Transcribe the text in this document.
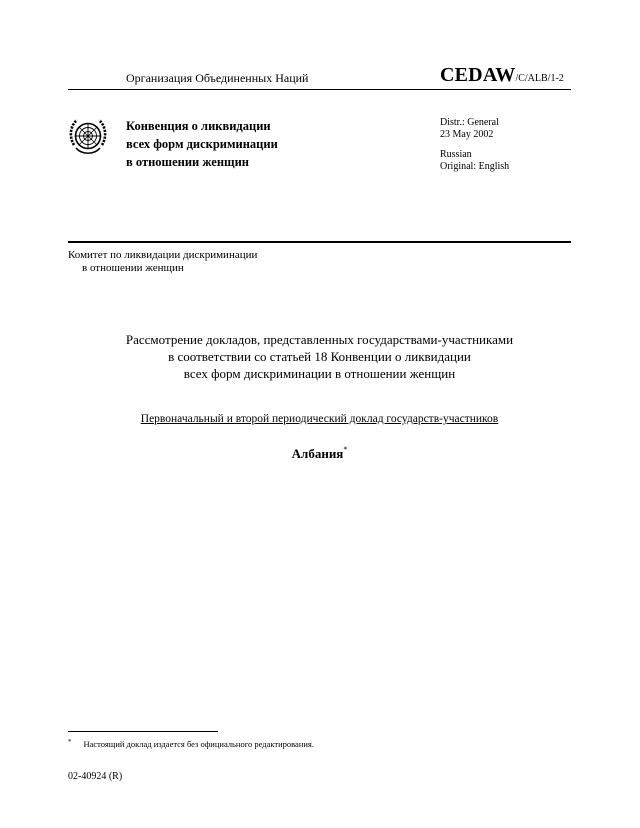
Организация Объединенных Наций	CEDAW/C/ALB/1-2
Конвенция о ликвидации
всех форм дискриминации
в отношении женщин
Distr.: General
23 May 2002
Russian
Original: English
Комитет по ликвидации дискриминации
в отношении женщин
Рассмотрение докладов, представленных государствами-участниками
в соответствии со статьей 18 Конвенции о ликвидации
всех форм дискриминации в отношении женщин
Первоначальный и второй периодический доклад государств-участников
Албания*
* Настоящий доклад издается без официального редактирования.
02-40924 (R)
